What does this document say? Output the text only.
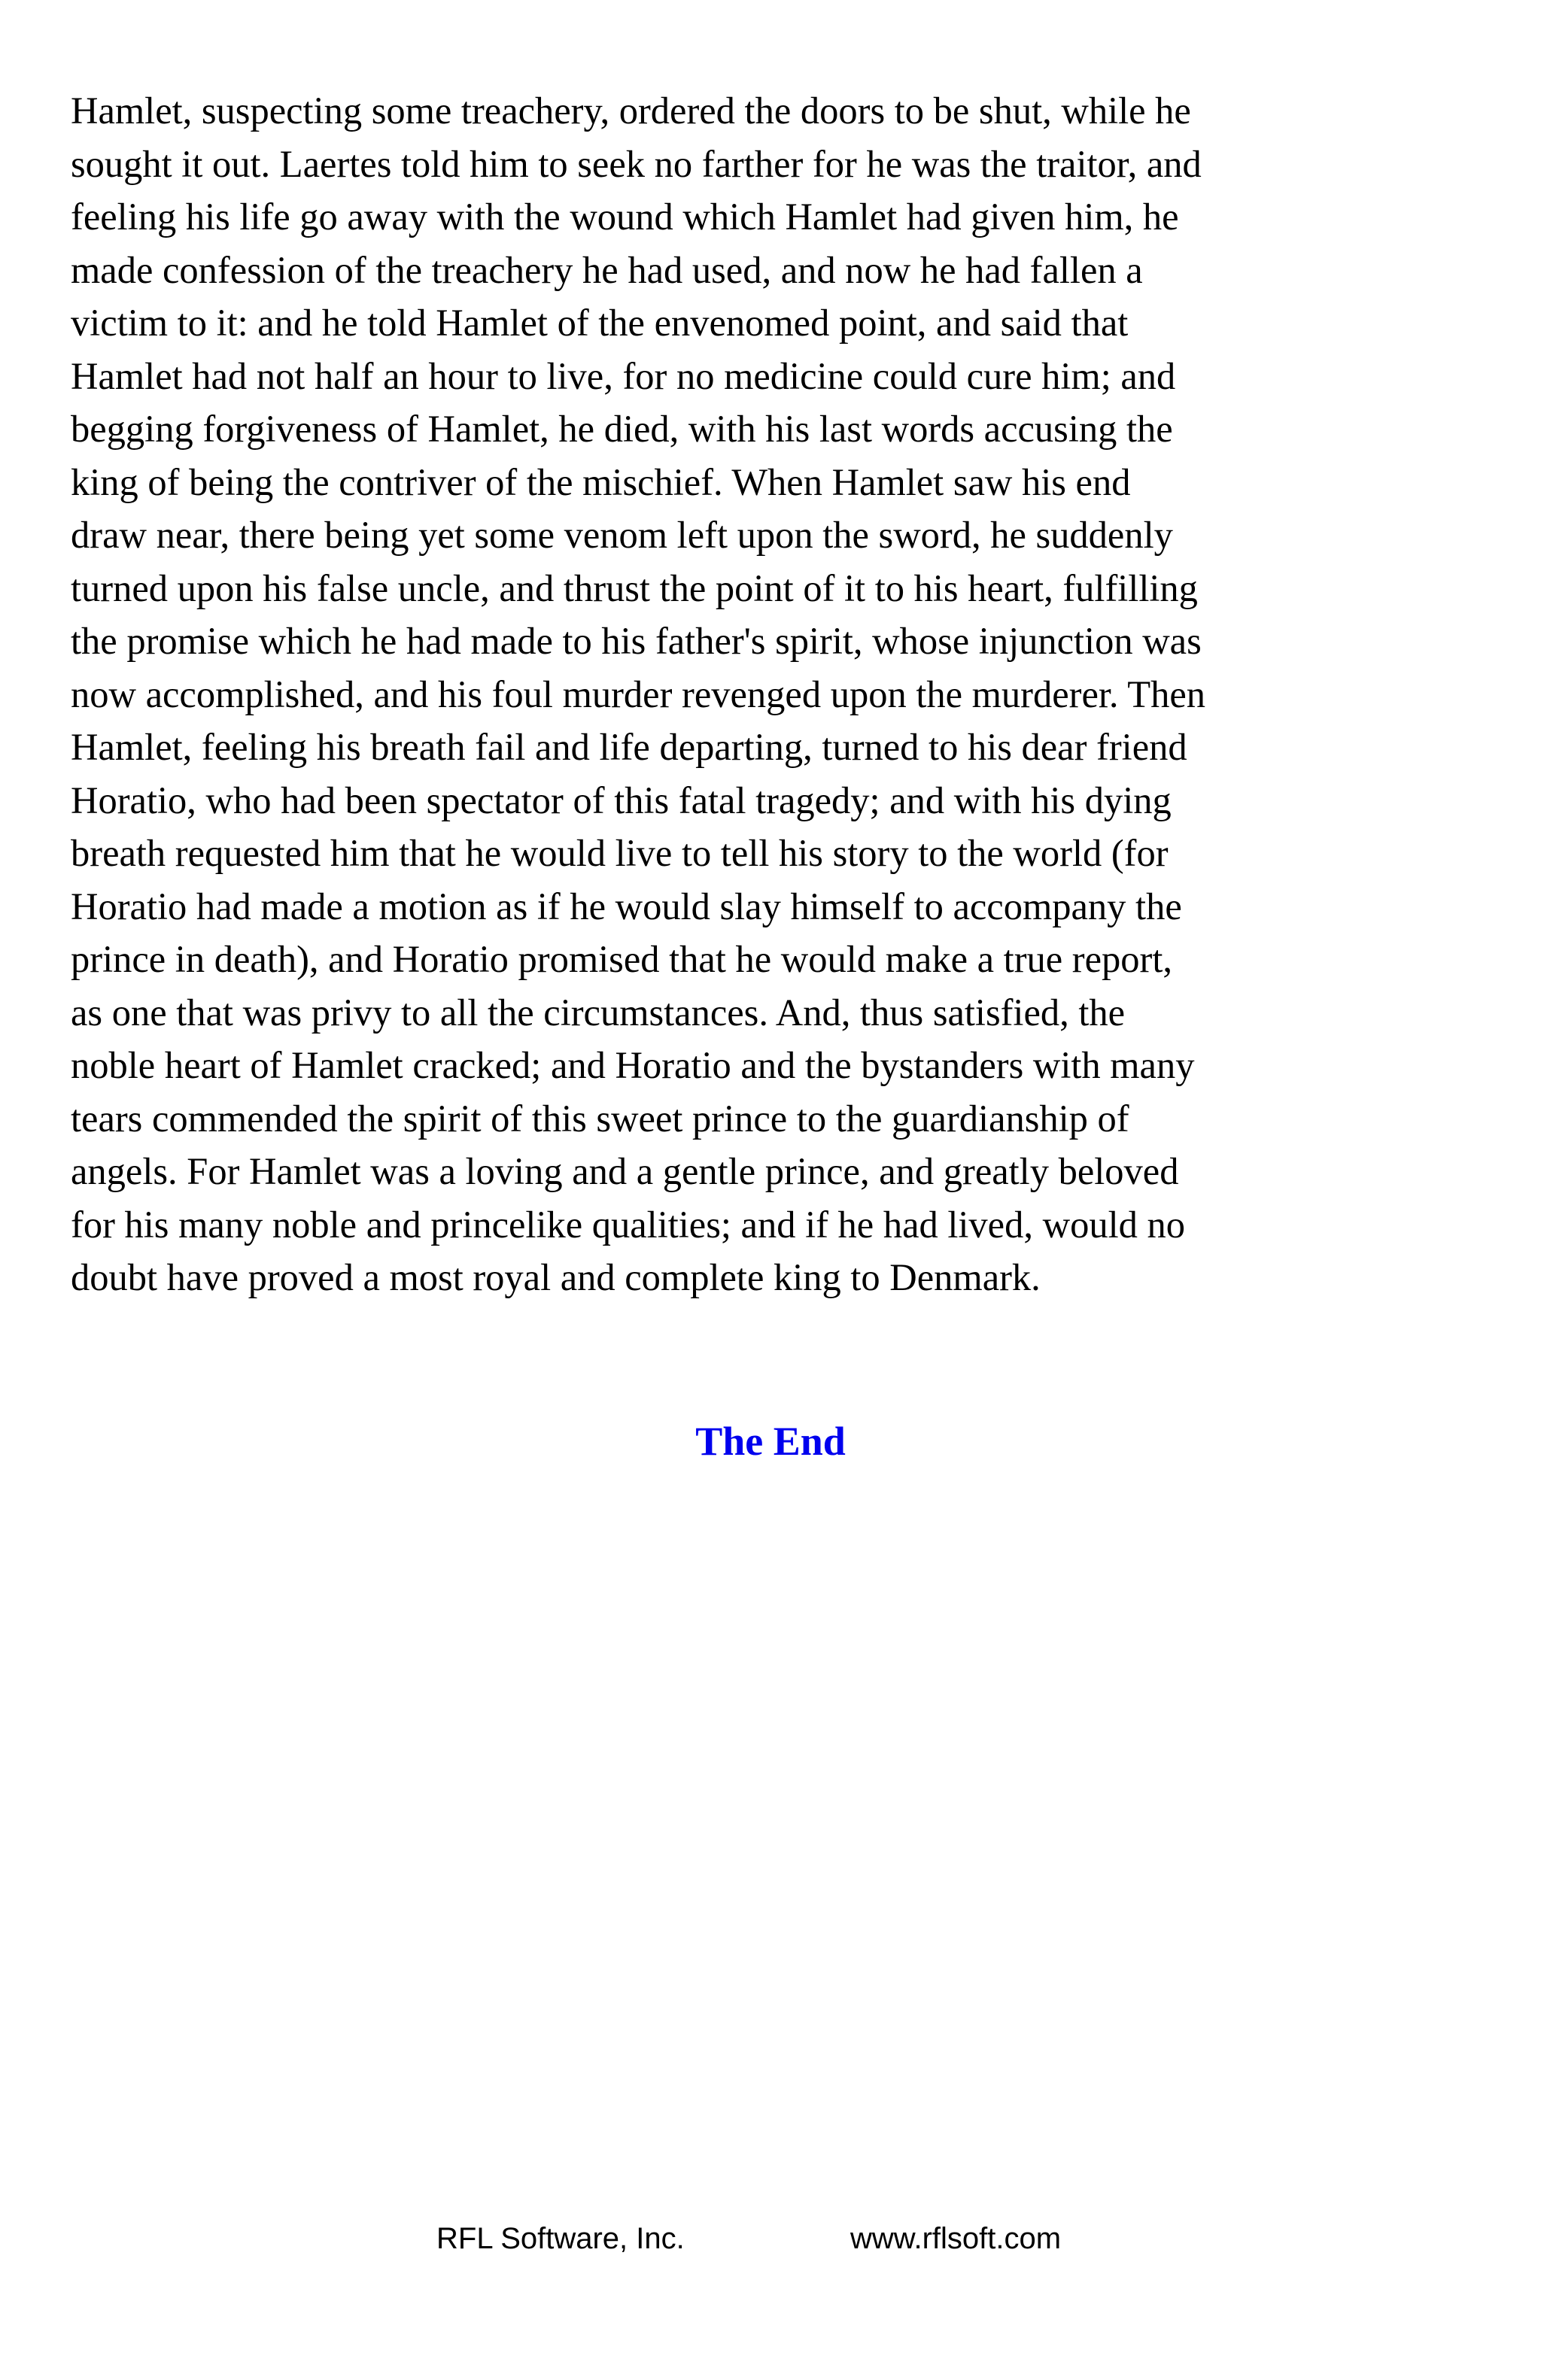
Hamlet, suspecting some treachery, ordered the doors to be shut, while he
sought it out. Laertes told him to seek no farther for he was the traitor, and
feeling his life go away with the wound which Hamlet had given him, he
made confession of the treachery he had used, and now he had fallen a
victim to it: and he told Hamlet of the envenomed point, and said that
Hamlet had not half an hour to live, for no medicine could cure him; and
begging forgiveness of Hamlet, he died, with his last words accusing the
king of being the contriver of the mischief. When Hamlet saw his end
draw near, there being yet some venom left upon the sword, he suddenly
turned upon his false uncle, and thrust the point of it to his heart, fulfilling
the promise which he had made to his father's spirit, whose injunction was
now accomplished, and his foul murder revenged upon the murderer. Then
Hamlet, feeling his breath fail and life departing, turned to his dear friend
Horatio, who had been spectator of this fatal tragedy; and with his dying
breath requested him that he would live to tell his story to the world (for
Horatio had made a motion as if he would slay himself to accompany the
prince in death), and Horatio promised that he would make a true report,
as one that was privy to all the circumstances. And, thus satisfied, the
noble heart of Hamlet cracked; and Horatio and the bystanders with many
tears commended the spirit of this sweet prince to the guardianship of
angels. For Hamlet was a loving and a gentle prince, and greatly beloved
for his many noble and princelike qualities; and if he had lived, would no
doubt have proved a most royal and complete king to Denmark.
The End
RFL Software, Inc.	www.rflsoft.com
